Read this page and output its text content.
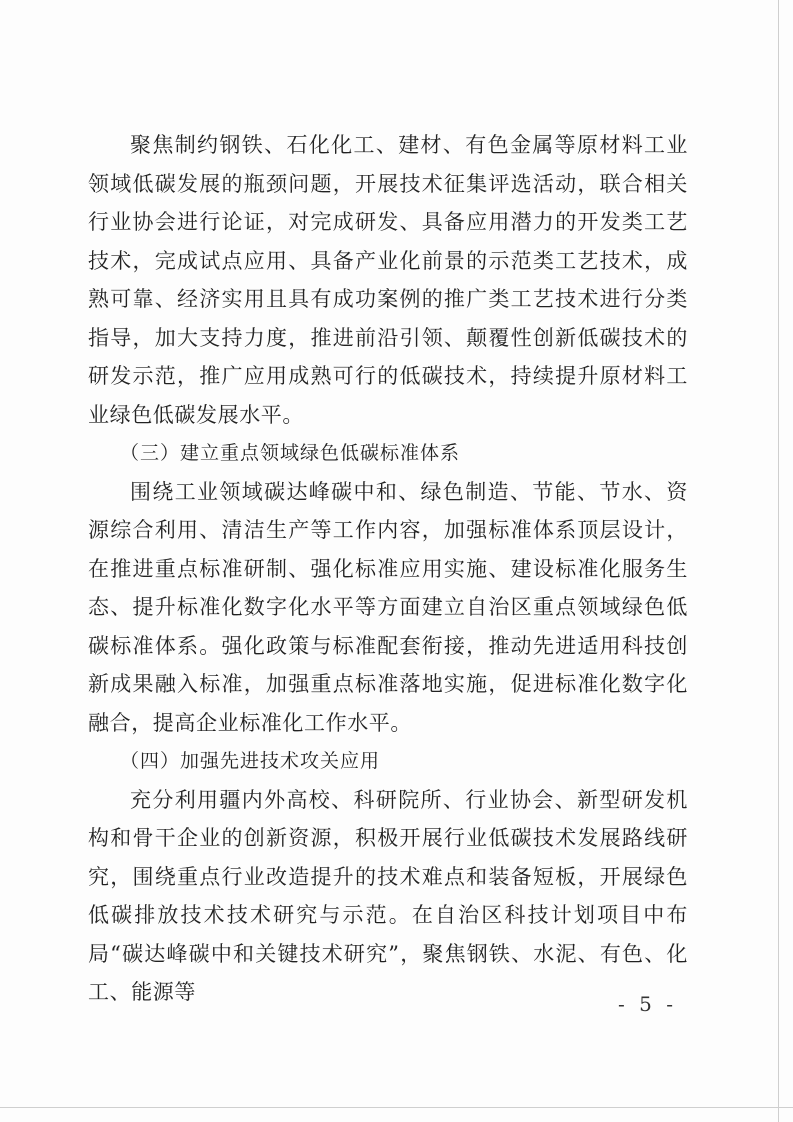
聚焦制约钢铁、石化化工、建材、有色金属等原材料工业领域低碳发展的瓶颈问题，开展技术征集评选活动，联合相关行业协会进行论证，对完成研发、具备应用潜力的开发类工艺技术，完成试点应用、具备产业化前景的示范类工艺技术，成熟可靠、经济实用且具有成功案例的推广类工艺技术进行分类指导，加大支持力度，推进前沿引领、颠覆性创新低碳技术的研发示范，推广应用成熟可行的低碳技术，持续提升原材料工业绿色低碳发展水平。

（三）建立重点领域绿色低碳标准体系

围绕工业领域碳达峰碳中和、绿色制造、节能、节水、资源综合利用、清洁生产等工作内容，加强标准体系顶层设计，在推进重点标准研制、强化标准应用实施、建设标准化服务生态、提升标准化数字化水平等方面建立自治区重点领域绿色低碳标准体系。强化政策与标准配套衔接，推动先进适用科技创新成果融入标准，加强重点标准落地实施，促进标准化数字化融合，提高企业标准化工作水平。

（四）加强先进技术攻关应用

充分利用疆内外高校、科研院所、行业协会、新型研发机构和骨干企业的创新资源，积极开展行业低碳技术发展路线研究，围绕重点行业改造提升的技术难点和装备短板，开展绿色低碳排放技术技术研究与示范。在自治区科技计划项目中布局“碳达峰碳中和关键技术研究”，聚焦钢铁、水泥、有色、化工、能源等	- 5 -
